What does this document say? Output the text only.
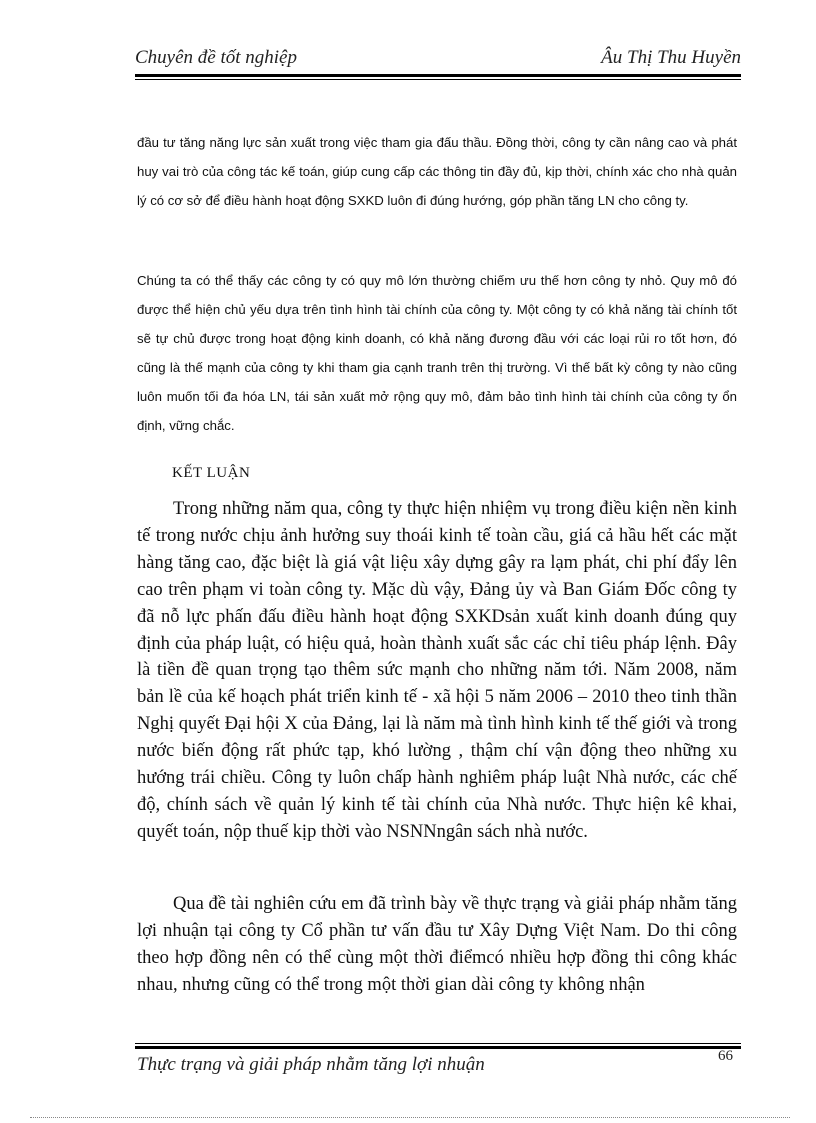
Chuyên đề tốt nghiệp	Âu Thị Thu Huyền

đầu tư tăng năng lực sản xuất trong việc tham gia đấu thầu. Đồng thời, công ty cần nâng cao và phát huy vai trò của công tác kế toán, giúp cung cấp các thông tin đầy đủ, kịp thời, chính xác cho nhà quản lý có cơ sở để điều hành hoạt động SXKD luôn đi đúng hướng, góp phần tăng LN cho công ty.

Chúng ta có thể thấy các công ty có quy mô lớn thường chiếm ưu thế hơn công ty nhỏ. Quy mô đó được thể hiện chủ yếu dựa trên tình hình tài chính của công ty. Một công ty có khả năng tài chính tốt sẽ tự chủ được trong hoạt động kinh doanh, có khả năng đương đầu với các loại rủi ro tốt hơn, đó cũng là thế mạnh của công ty khi tham gia cạnh tranh trên thị trường. Vì thế bất kỳ công ty nào cũng luôn muốn tối đa hóa LN, tái sản xuất mở rộng quy mô, đảm bảo tình hình tài chính của công ty ổn định, vững chắc.

KẾT LUẬN

Trong những năm qua, công ty thực hiện nhiệm vụ trong điều kiện nền kinh tế trong nước chịu ảnh hưởng suy thoái kinh tế toàn cầu, giá cả hầu hết các mặt hàng tăng cao, đặc biệt là giá vật liệu xây dựng gây ra lạm phát, chi phí đẩy lên cao trên phạm vi toàn công ty. Mặc dù vậy, Đảng ủy và Ban Giám Đốc công ty đã nỗ lực phấn đấu điều hành hoạt động SXKDsản xuất kinh doanh đúng quy định của pháp luật, có hiệu quả, hoàn thành xuất sắc các chỉ tiêu pháp lệnh. Đây là tiền đề quan trọng tạo thêm sức mạnh cho những năm tới. Năm 2008, năm bản lề của kế hoạch phát triển kinh tế - xã hội 5 năm 2006 – 2010 theo tinh thần Nghị quyết Đại hội X của Đảng, lại là năm mà tình hình kinh tế thế giới và trong nước biến động rất phức tạp, khó lường , thậm chí vận động theo những xu hướng trái chiều. Công ty luôn chấp hành nghiêm pháp luật Nhà nước, các chế độ, chính sách về quản lý kinh tế tài chính của Nhà nước. Thực hiện kê khai, quyết toán, nộp thuế kịp thời vào NSNNngân sách nhà nước.

Qua đề tài nghiên cứu em đã trình bày về thực trạng và giải pháp nhằm tăng lợi nhuận tại công ty Cổ phần tư vấn đầu tư Xây Dựng Việt Nam. Do thi công theo hợp đồng nên có thể cùng một thời điểmcó nhiều hợp đồng thi công khác nhau, nhưng cũng có thể trong một thời gian dài công ty không nhận

Thực trạng và giải pháp nhằm tăng lợi nhuận	66
